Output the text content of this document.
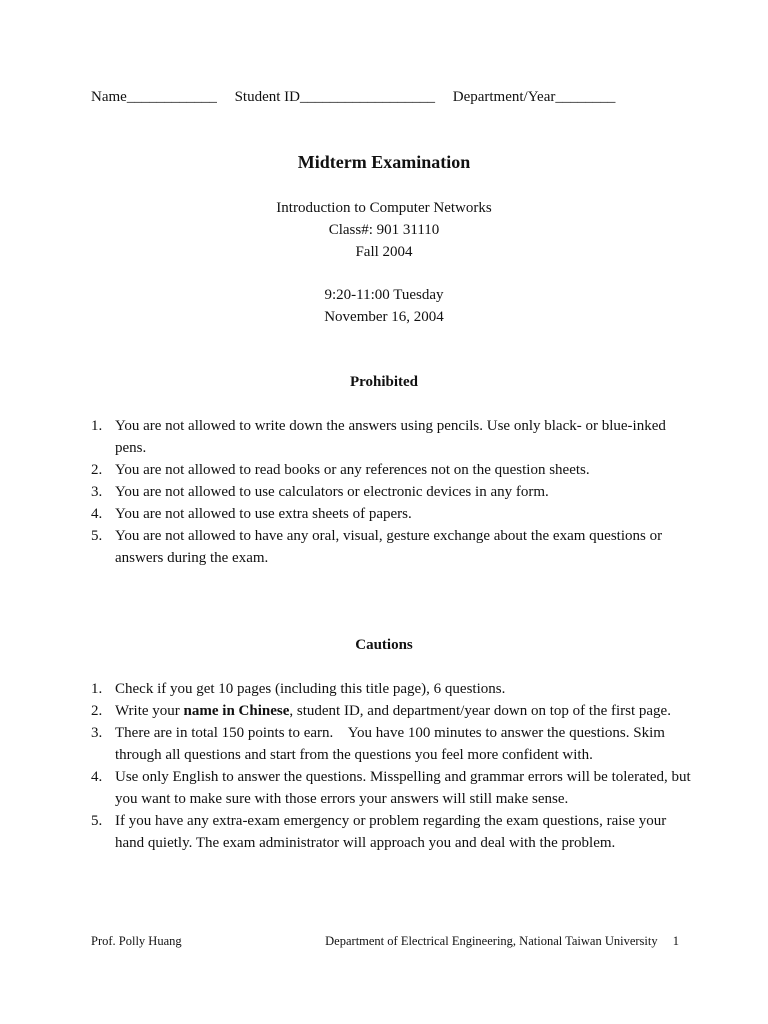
Name____________ Student ID__________________ Department/Year________
Midterm Examination
Introduction to Computer Networks
Class#: 901 31110
Fall 2004
9:20-11:00 Tuesday
November 16, 2004
Prohibited
1. You are not allowed to write down the answers using pencils. Use only black- or blue-inked pens.
2. You are not allowed to read books or any references not on the question sheets.
3. You are not allowed to use calculators or electronic devices in any form.
4. You are not allowed to use extra sheets of papers.
5. You are not allowed to have any oral, visual, gesture exchange about the exam questions or answers during the exam.
Cautions
1. Check if you get 10 pages (including this title page), 6 questions.
2. Write your name in Chinese, student ID, and department/year down on top of the first page.
3. There are in total 150 points to earn.    You have 100 minutes to answer the questions. Skim through all questions and start from the questions you feel more confident with.
4. Use only English to answer the questions. Misspelling and grammar errors will be tolerated, but you want to make sure with those errors your answers will still make sense.
5. If you have any extra-exam emergency or problem regarding the exam questions, raise your hand quietly. The exam administrator will approach you and deal with the problem.
Prof. Polly Huang	Department of Electrical Engineering, National Taiwan University 1
